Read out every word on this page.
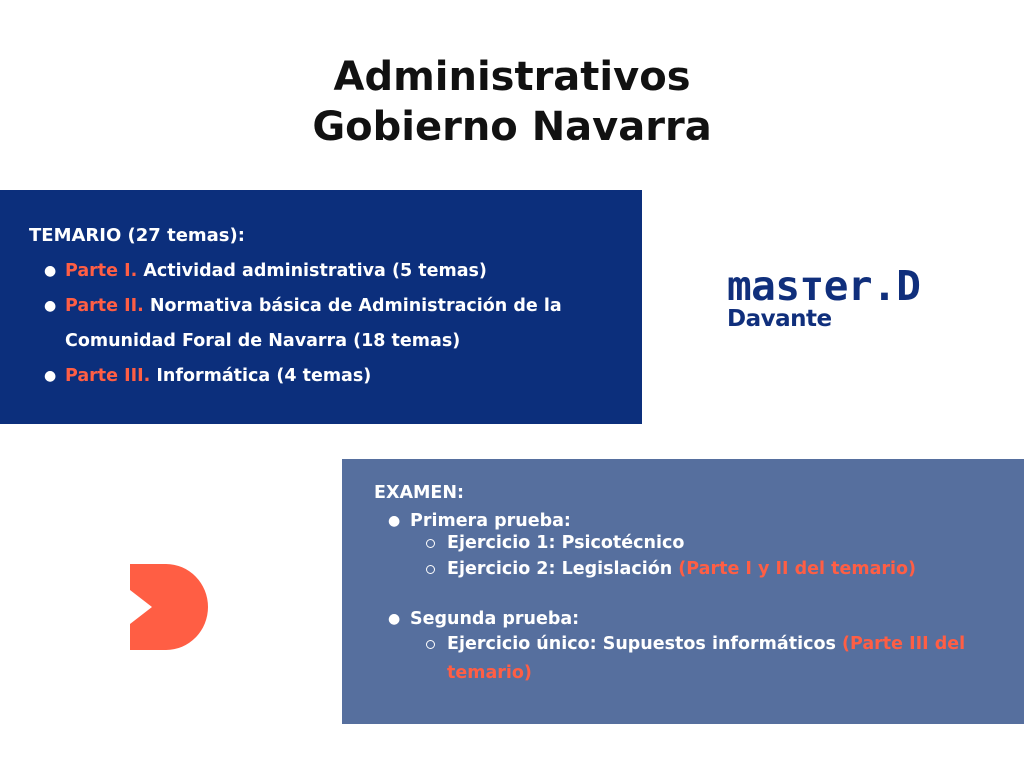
Administrativos
Gobierno Navarra
TEMARIO (27 temas):
● Parte I. Actividad administrativa (5 temas)
● Parte II. Normativa básica de Administración de la
Comunidad Foral de Navarra (18 temas)
● Parte III. Informática (4 temas)
masтer.D
Davante
EXAMEN:
● Primera prueba:
Ejercicio 1: Psicotécnico
Ejercicio 2: Legislación (Parte I y II del temario)
● Segunda prueba:
Ejercicio único: Supuestos informáticos (Parte III del
temario)
